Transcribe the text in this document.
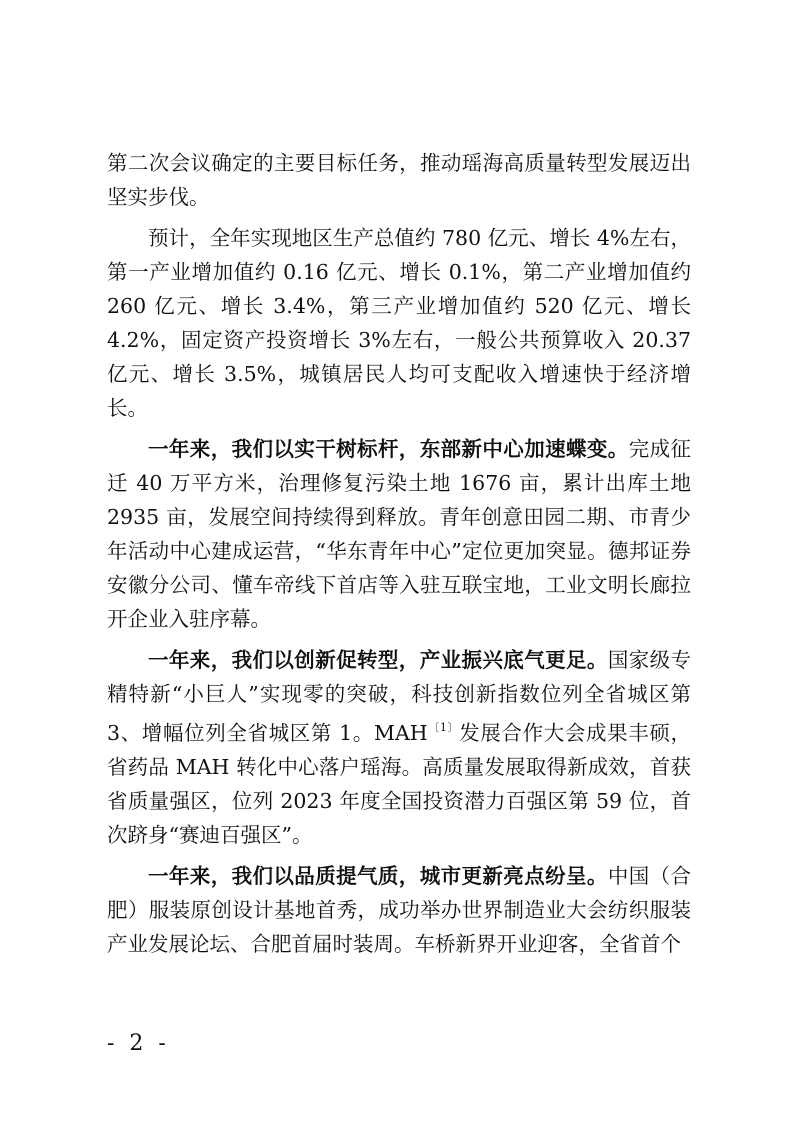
第二次会议确定的主要目标任务，推动瑶海高质量转型发展迈出坚实步伐。

预计，全年实现地区生产总值约 780 亿元、增长 4%左右，第一产业增加值约 0.16 亿元、增长 0.1%，第二产业增加值约 260 亿元、增长 3.4%，第三产业增加值约 520 亿元、增长 4.2%，固定资产投资增长 3%左右，一般公共预算收入 20.37 亿元、增长 3.5%，城镇居民人均可支配收入增速快于经济增长。

一年来，我们以实干树标杆，东部新中心加速蝶变。完成征迁 40 万平方米，治理修复污染土地 1676 亩，累计出库土地 2935 亩，发展空间持续得到释放。青年创意田园二期、市青少年活动中心建成运营，“华东青年中心”定位更加突显。德邦证券安徽分公司、懂车帝线下首店等入驻互联宝地，工业文明长廊拉开企业入驻序幕。

一年来，我们以创新促转型，产业振兴底气更足。国家级专精特新“小巨人”实现零的突破，科技创新指数位列全省城区第 3、增幅位列全省城区第 1。$MAH^{〔1〕}$发展合作大会成果丰硕，省药品 MAH 转化中心落户瑶海。高质量发展取得新成效，首获省质量强区，位列 2023 年度全国投资潜力百强区第 59 位，首次跻身“赛迪百强区”。

一年来，我们以品质提气质，城市更新亮点纷呈。中国（合肥）服装原创设计基地首秀，成功举办世界制造业大会纺织服装产业发展论坛、合肥首届时装周。车桥新界开业迎客，全省首个

- 2 -
